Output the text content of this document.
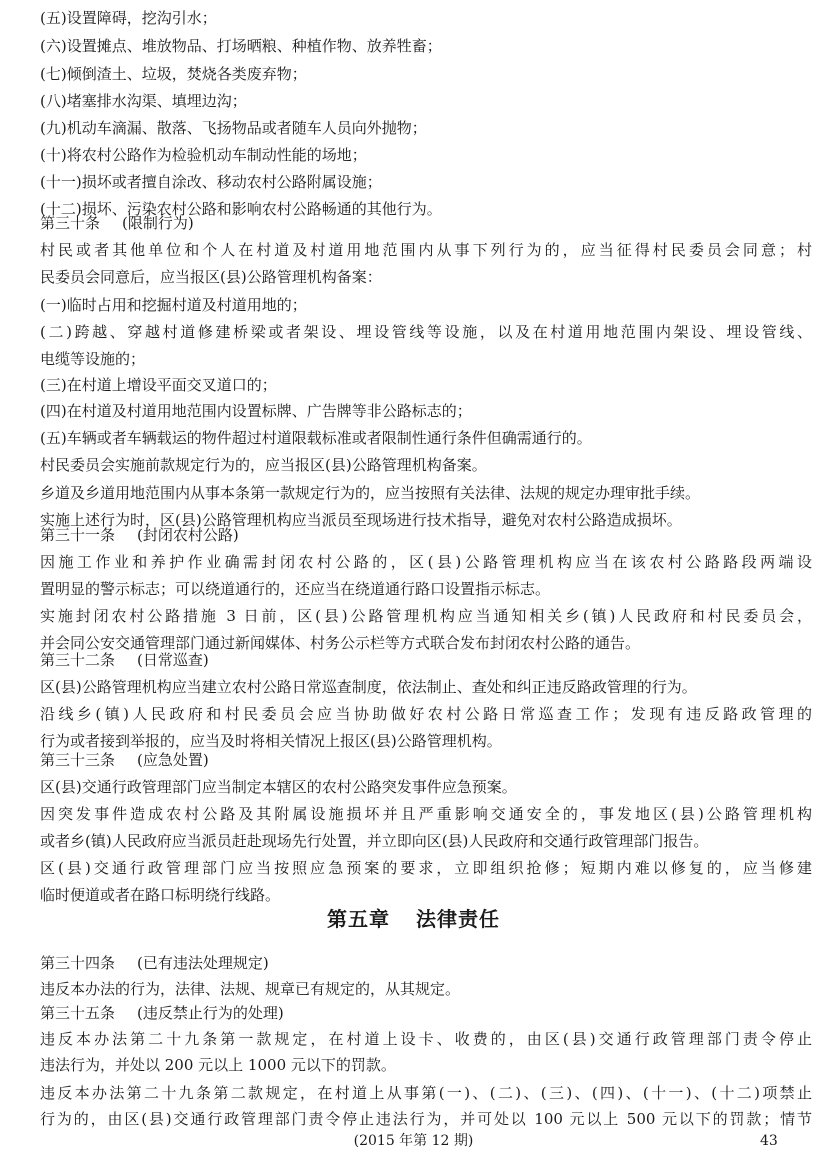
(五)设置障碍，挖沟引水；
(六)设置摊点、堆放物品、打场晒粮、种植作物、放养牲畜；
(七)倾倒渣土、垃圾，焚烧各类废弃物；
(八)堵塞排水沟渠、填埋边沟；
(九)机动车滴漏、散落、飞扬物品或者随车人员向外抛物；
(十)将农村公路作为检验机动车制动性能的场地；
(十一)损坏或者擅自涂改、移动农村公路附属设施；
(十二)损坏、污染农村公路和影响农村公路畅通的其他行为。
第三十条 (限制行为)
村民或者其他单位和个人在村道及村道用地范围内从事下列行为的，应当征得村民委员会同意；村
民委员会同意后，应当报区(县)公路管理机构备案：
(一)临时占用和挖掘村道及村道用地的；
(二)跨越、穿越村道修建桥梁或者架设、埋设管线等设施，以及在村道用地范围内架设、埋设管线、
电缆等设施的；
(三)在村道上增设平面交叉道口的；
(四)在村道及村道用地范围内设置标牌、广告牌等非公路标志的；
(五)车辆或者车辆载运的物件超过村道限载标准或者限制性通行条件但确需通行的。
村民委员会实施前款规定行为的，应当报区(县)公路管理机构备案。
乡道及乡道用地范围内从事本条第一款规定行为的，应当按照有关法律、法规的规定办理审批手续。
实施上述行为时，区(县)公路管理机构应当派员至现场进行技术指导，避免对农村公路造成损坏。
第三十一条 (封闭农村公路)
因施工作业和养护作业确需封闭农村公路的，区(县)公路管理机构应当在该农村公路路段两端设
置明显的警示标志；可以绕道通行的，还应当在绕道通行路口设置指示标志。
实施封闭农村公路措施 3 日前，区(县)公路管理机构应当通知相关乡(镇)人民政府和村民委员会，
并会同公安交通管理部门通过新闻媒体、村务公示栏等方式联合发布封闭农村公路的通告。
第三十二条 (日常巡查)
区(县)公路管理机构应当建立农村公路日常巡查制度，依法制止、查处和纠正违反路政管理的行为。
沿线乡(镇)人民政府和村民委员会应当协助做好农村公路日常巡查工作；发现有违反路政管理的
行为或者接到举报的，应当及时将相关情况上报区(县)公路管理机构。
第三十三条 (应急处置)
区(县)交通行政管理部门应当制定本辖区的农村公路突发事件应急预案。
因突发事件造成农村公路及其附属设施损坏并且严重影响交通安全的，事发地区(县)公路管理机构
或者乡(镇)人民政府应当派员赶赴现场先行处置，并立即向区(县)人民政府和交通行政管理部门报告。
区(县)交通行政管理部门应当按照应急预案的要求，立即组织抢修；短期内难以修复的，应当修建
临时便道或者在路口标明绕行线路。
第五章 法律责任
第三十四条 (已有违法处理规定)
违反本办法的行为，法律、法规、规章已有规定的，从其规定。
第三十五条 (违反禁止行为的处理)
违反本办法第二十九条第一款规定，在村道上设卡、收费的，由区(县)交通行政管理部门责令停止
违法行为，并处以 200 元以上 1000 元以下的罚款。
违反本办法第二十九条第二款规定，在村道上从事第(一)、(二)、(三)、(四)、(十一)、(十二)项禁止
行为的，由区(县)交通行政管理部门责令停止违法行为，并可处以 100 元以上 500 元以下的罚款；情节
(2015 年第 12 期)	43
